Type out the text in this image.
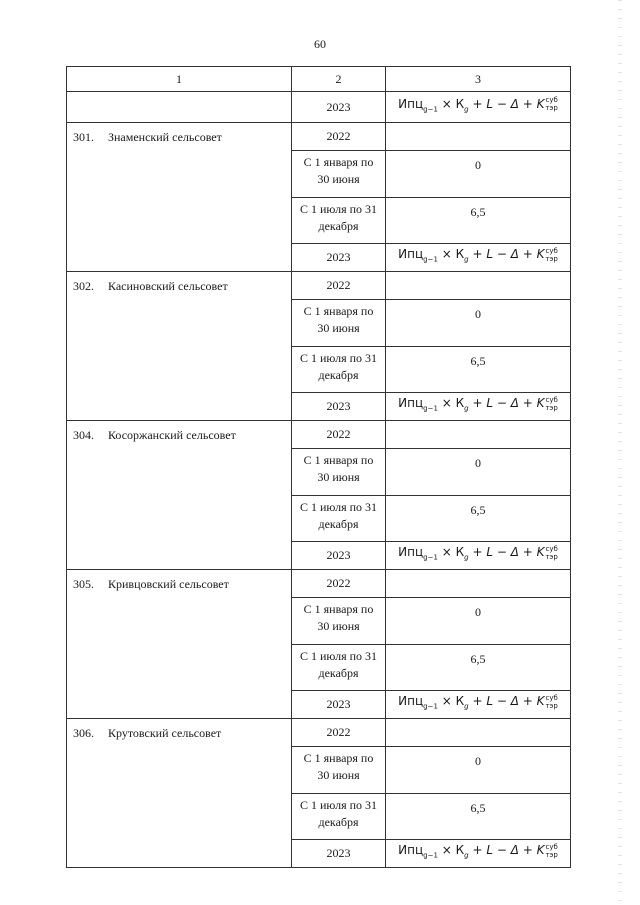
60
1	2	3
	2023	$Ипц_{g-1} \times К_g + L - \Delta$ + Kсуб
тэр
301. Знаменский сельсовет	2022	

	С 1 января по
30 июня	0

	С 1 июля по 31
декабря	6,5
	2023	$Ипц_{g-1} \times К_g + L - \Delta$ + Kсуб
тэр
302. Касиновский сельсовет	2022	

	С 1 января по
30 июня	0

	С 1 июля по 31
декабря	6,5
	2023	$Ипц_{g-1} \times К_g + L - \Delta$ + Kсуб
тэр
304. Косоржанский сельсовет	2022	

	С 1 января по
30 июня	0

	С 1 июля по 31
декабря	6,5
	2023	$Ипц_{g-1} \times К_g + L - \Delta$ + Kсуб
тэр
305. Кривцовский сельсовет	2022	

	С 1 января по
30 июня	0

	С 1 июля по 31
декабря	6,5
	2023	$Ипц_{g-1} \times К_g + L - \Delta$ + Kсуб
тэр
306. Крутовский сельсовет	2022	

	С 1 января по
30 июня	0

	С 1 июля по 31
декабря	6,5
	2023	$Ипц_{g-1} \times К_g + L - \Delta$ + Kсуб
тэр
